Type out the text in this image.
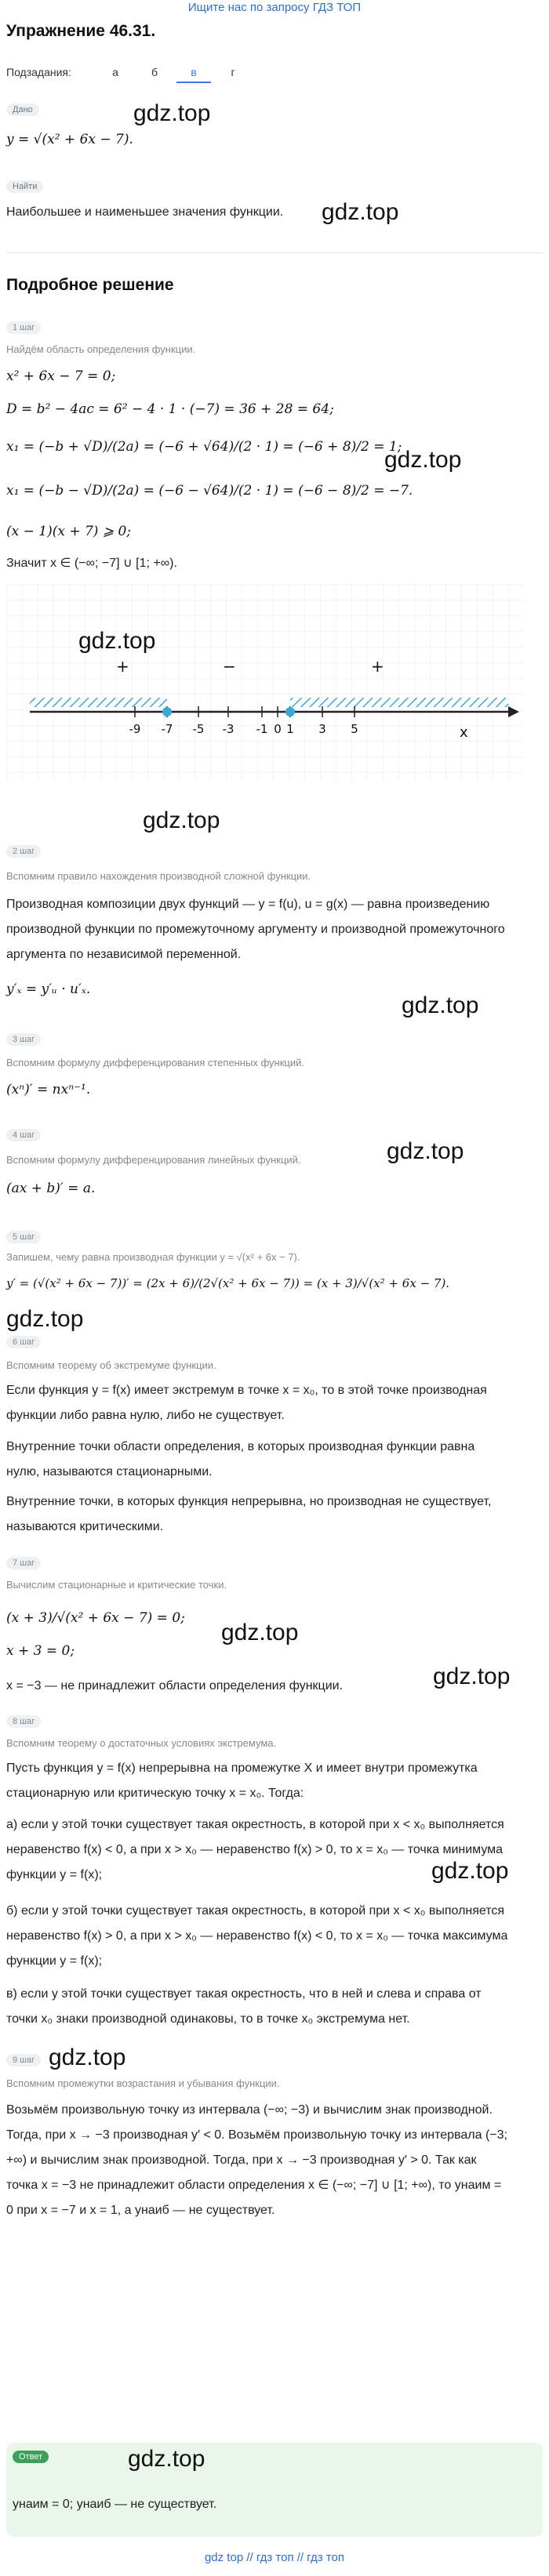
Ищите нас по запросу ГДЗ ТОП
Упражнение 46.31.
Подзадания:	а	б	в	г
Дано
y = √(x² + 6x − 7).
gdz.top
Найти
Наибольшее и наименьшее значения функции. gdz.top
Подробное решение
1 шаг
Найдём область определения функции.
x² + 6x − 7 = 0;
D = b² − 4ac = 6² − 4 · 1 · (−7) = 36 + 28 = 64;
x₁ = (−b + √D)/(2a) = (−6 + √64)/(2 · 1) = (−6 + 8)/2 = 1;
x₁ = (−b − √D)/(2a) = (−6 − √64)/(2 · 1) = (−6 − 8)/2 = −7.
(x − 1)(x + 7) ⩾ 0;
gdz.top
Значит x ∈ (−∞; −7] ∪ [1; +∞).
-9 -7 -5 -3 -1 0 1 3 5
+	−	+
x
gdz.top
gdz.top
2 шаг
Вспомним правило нахождения производной сложной функции.
Производная композиции двух функций — y = f(u), u = g(x) — равна произведению производной функции по промежуточному аргументу и производной промежуточного аргумента по независимой переменной.
y′ₓ = y′ᵤ · u′ₓ.
gdz.top
3 шаг
Вспомним формулу дифференцирования степенных функций.
(xⁿ)′ = nxⁿ⁻¹.
4 шаг
Вспомним формулу дифференцирования линейных функций.
(ax + b)′ = a.
gdz.top
5 шаг
Запишем, чему равна производная функции y = √(x² + 6x − 7).
y′ = (√(x² + 6x − 7))′ = (2x + 6)/(2√(x² + 6x − 7)) = (x + 3)/√(x² + 6x − 7).
gdz.top
6 шаг
Вспомним теорему об экстремуме функции.
Если функция y = f(x) имеет экстремум в точке x = x₀, то в этой точке производная функции либо равна нулю, либо не существует.
Внутренние точки области определения, в которых производная функции равна нулю, называются стационарными.
Внутренние точки, в которых функция непрерывна, но производная не существует, называются критическими.
7 шаг
Вычислим стационарные и критические точки.
(x + 3)/√(x² + 6x − 7) = 0;
x + 3 = 0;
gdz.top
x = −3 — не принадлежит области определения функции.	gdz.top
8 шаг
Вспомним теорему о достаточных условиях экстремума.
Пусть функция y = f(x) непрерывна на промежутке X и имеет внутри промежутка стационарную или критическую точку x = x₀. Тогда:
а) если у этой точки существует такая окрестность, в которой при x < x₀ выполняется неравенство f(x) < 0, а при x > x₀ — неравенство f(x) > 0, то x = x₀ — точка минимума функции y = f(x);	gdz.top
б) если у этой точки существует такая окрестность, в которой при x < x₀ выполняется неравенство f(x) > 0, а при x > x₀ — неравенство f(x) < 0, то x = x₀ — точка максимума функции y = f(x);
в) если у этой точки существует такая окрестность, что в ней и слева и справа от точки x₀ знаки производной одинаковы, то в точке x₀ экстремума нет.
9 шаг gdz.top
Вспомним промежутки возрастания и убывания функции.
Возьмём произвольную точку из интервала (−∞; −3) и вычислим знак производной. Тогда, при x → −3 производная y′ < 0. Возьмём произвольную точку из интервала (−3; +∞) и вычислим знак производной. Тогда, при x → −3 производная y′ > 0. Так как точка x = −3 не принадлежит области определения x ∈ (−∞; −7] ∪ [1; +∞), то yнаим = 0 при x = −7 и x = 1, а yнаиб — не существует.
Ответ
yнаим = 0; yнаиб — не существует.
gdz.top
gdz top // гдз топ // гдз топ
